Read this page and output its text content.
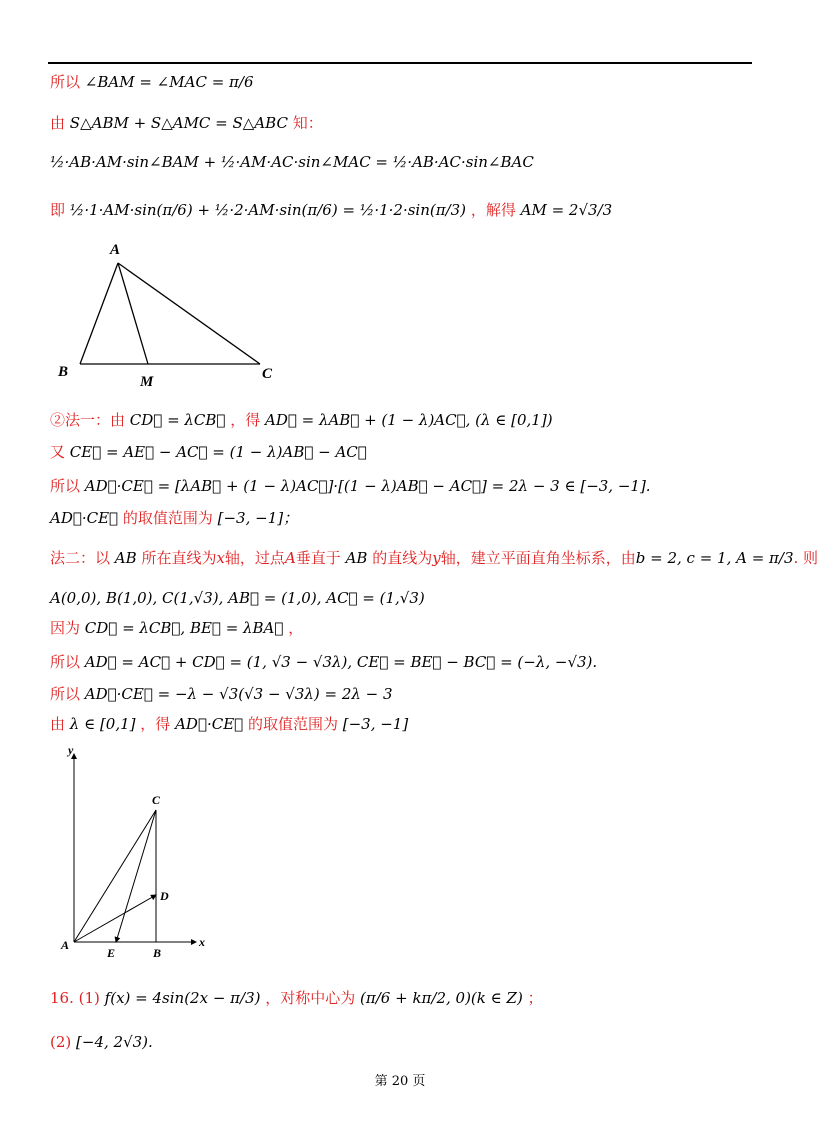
所以 ∠BAM = ∠MAC = π/6
由 S△ABM + S△AMC = S△ABC 知：
½·AB·AM·sin∠BAM + ½·AM·AC·sin∠MAC = ½·AB·AC·sin∠BAC
即 ½·1·AM·sin(π/6) + ½·2·AM·sin(π/6) = ½·1·2·sin(π/3) ，解得 AM = 2√3/3
A
B
M	C
②法一：由 CD⃗ = λCB⃗ ，得 AD⃗ = λAB⃗ + (1 − λ)AC⃗, (λ ∈ [0,1])
又 CE⃗ = AE⃗ − AC⃗ = (1 − λ)AB⃗ − AC⃗
所以 AD⃗·CE⃗ = [λAB⃗ + (1 − λ)AC⃗]·[(1 − λ)AB⃗ − AC⃗] = 2λ − 3 ∈ [−3, −1].
AD⃗·CE⃗ 的取值范围为 [−3, −1]；
法二：以 AB 所在直线为x轴，过点A垂直于 AB 的直线为y轴，建立平面直角坐标系，由b = 2, c = 1, A = π/3. 则
A(0,0), B(1,0), C(1,√3), AB⃗ = (1,0), AC⃗ = (1,√3)
因为 CD⃗ = λCB⃗, BE⃗ = λBA⃗ ，
所以 AD⃗ = AC⃗ + CD⃗ = (1, √3 − √3λ), CE⃗ = BE⃗ − BC⃗ = (−λ, −√3).
所以 AD⃗·CE⃗ = −λ − √3(√3 − √3λ) = 2λ − 3
由 λ ∈ [0,1] ，得 AD⃗·CE⃗ 的取值范围为 [−3, −1]
y
C
D
A
E	B
x
16. (1) f(x) = 4sin(2x − π/3) ，对称中心为 (π/6 + kπ/2, 0)(k ∈ Z) ；
(2) [−4, 2√3).
第 20 页
